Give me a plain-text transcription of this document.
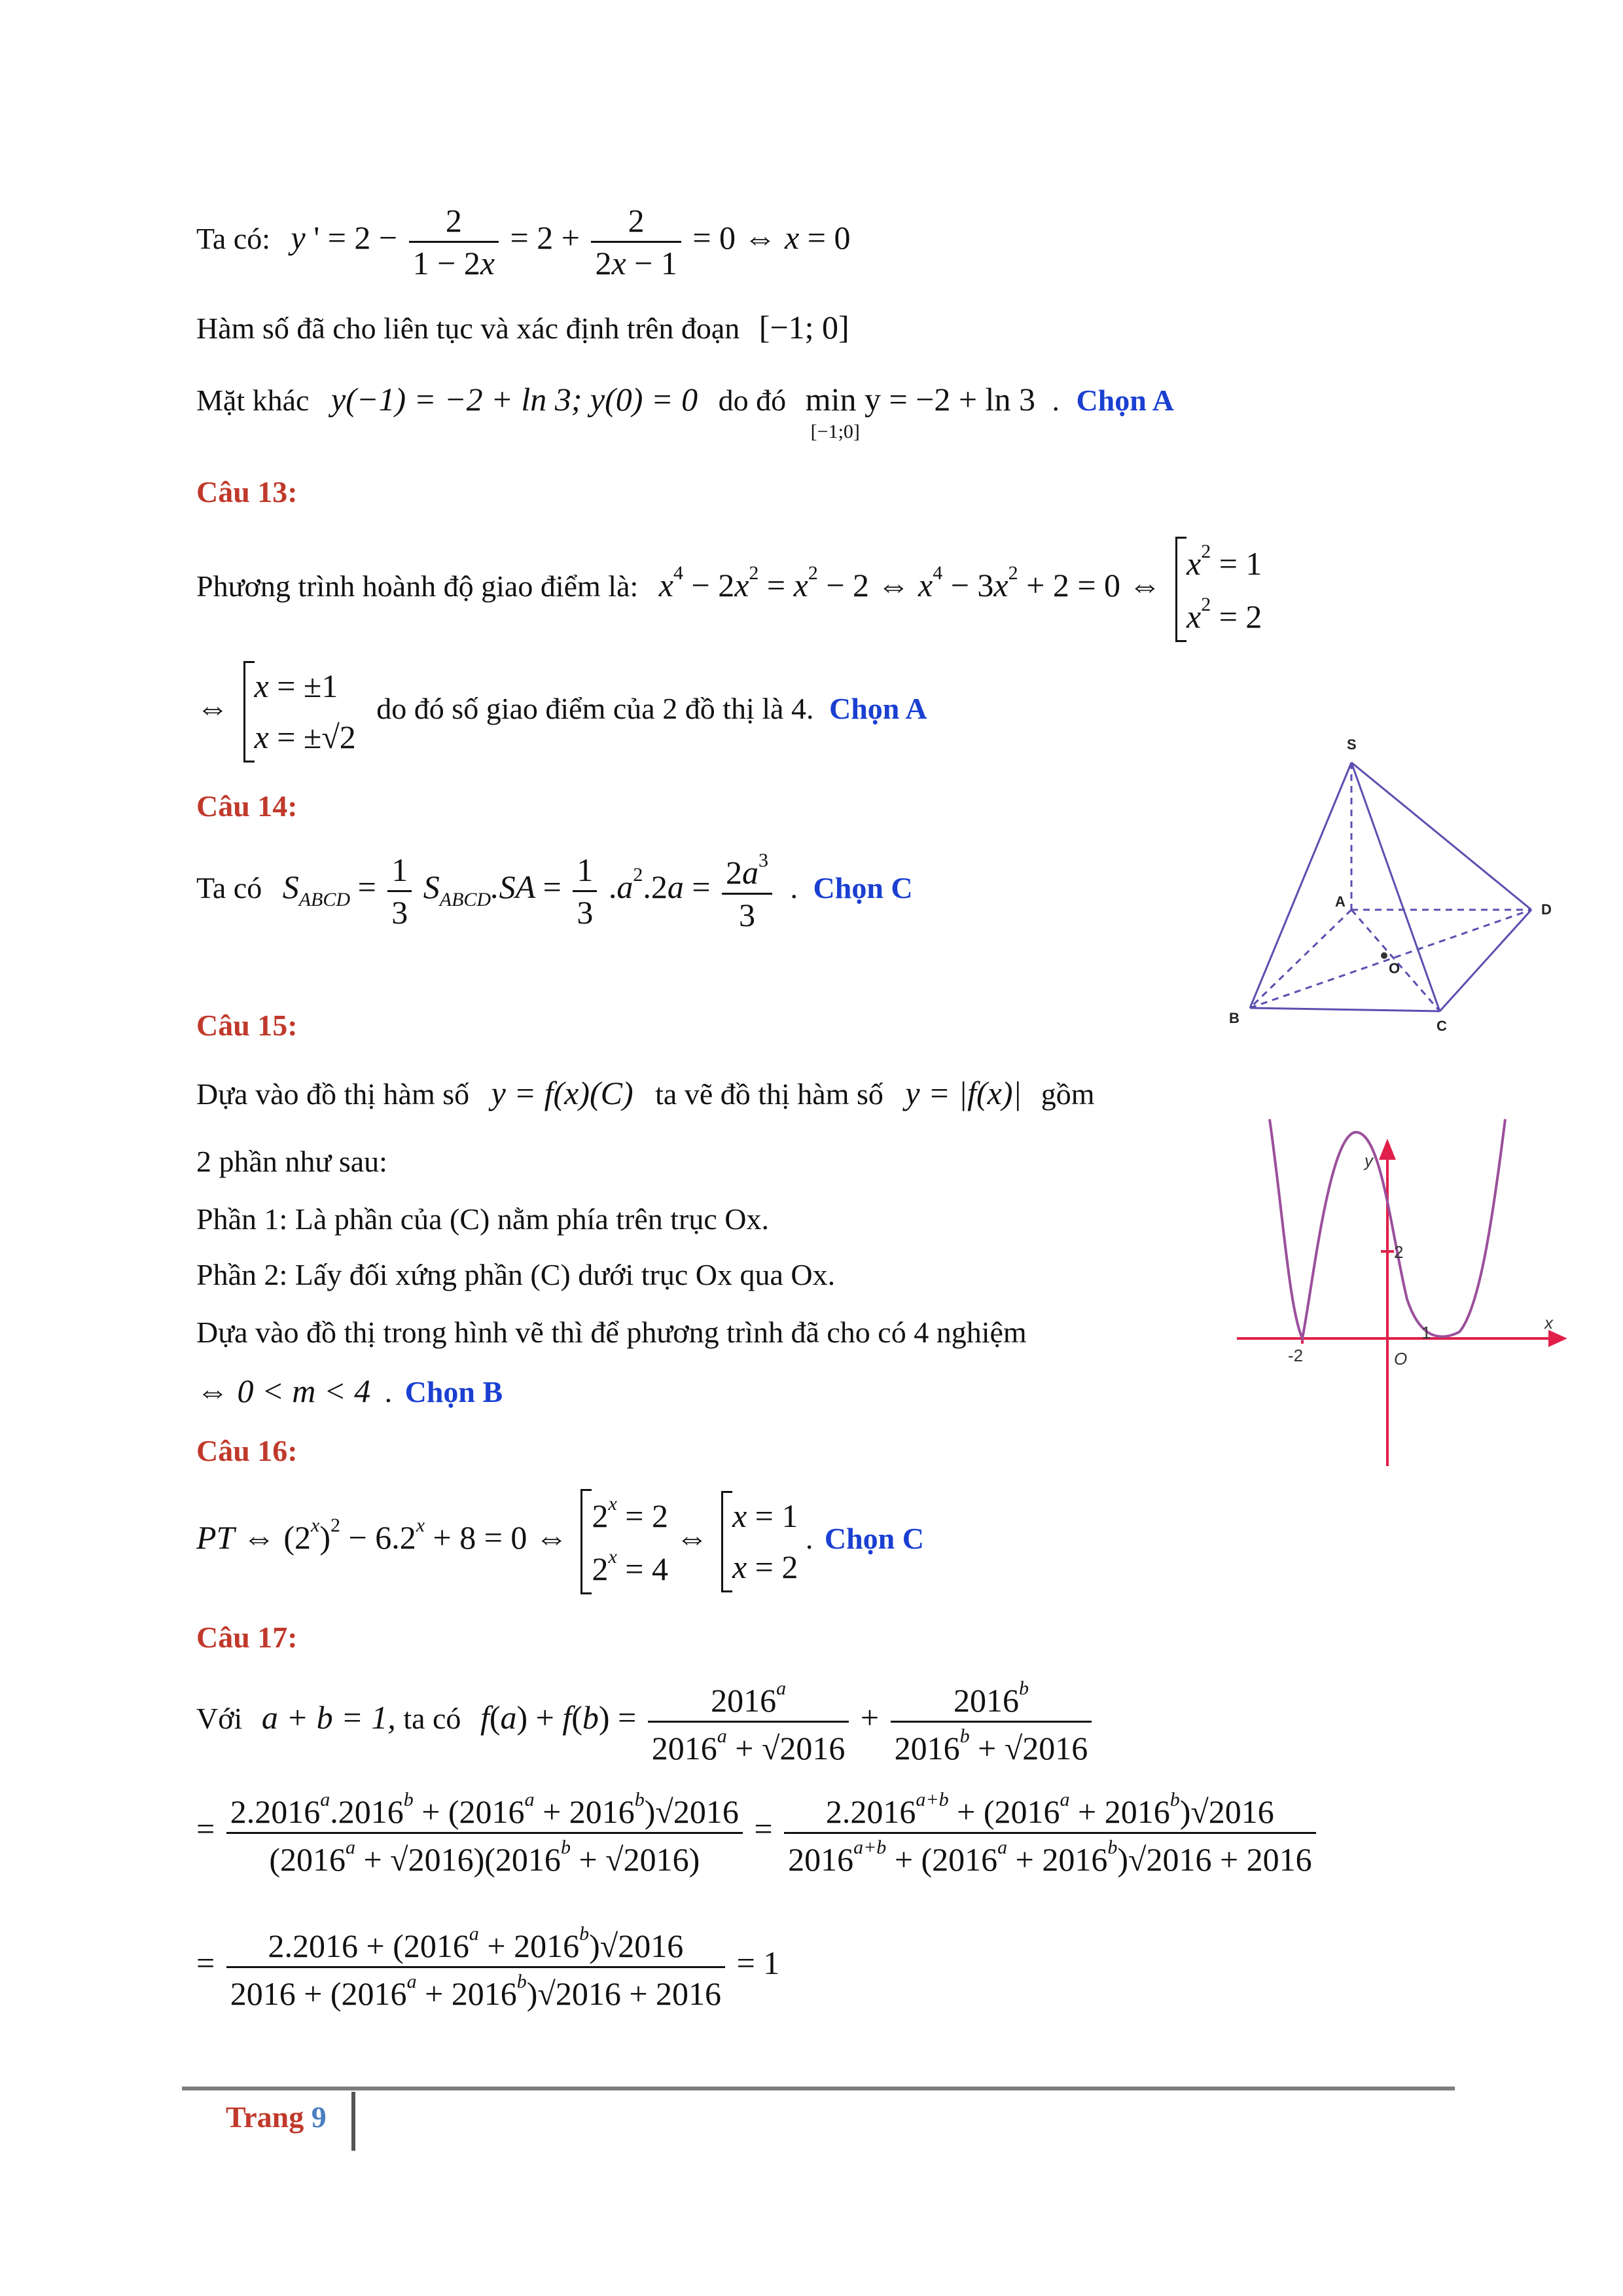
Ta có: y ' = $2 - \frac{2}{1 - 2x} = 2 + \frac{2}{2x - 1} = 0$ ⇔ x = 0
Hàm số đã cho liên tục và xác định trên đoạn [−1; 0]
Mặt khác y(−1) = −2 + ln 3; y(0) = 0 do đó min y = −2 + ln 3
[−1;0]
. Chọn A
Câu 13:
Phương trình hoành độ giao điểm là: $x^4 - 2x^2 = x^2 - 2$ ⇔ $x^4 - 3x^2 + 2 = 0$ ⇔
$x^2 = 1$
$x^2 = 2$
⇔
x = ±1
x = ±√2
do đó số giao điểm của 2 đồ thị là 4. Chọn A
Câu 14:
Ta có $S_{ABCD} = \frac{1}{3} S_{ABCD}.SA = \frac{1}{3} .a^2.2a = \frac{2a^3}{3}$ . Chọn C
S
A	D
O
B	C
Câu 15:
Dựa vào đồ thị hàm số y = f(x)(C) ta vẽ đồ thị hàm số y = |f(x)| gồm
2 phần như sau:
Phần 1: Là phần của (C) nằm phía trên trục Ox.
Phần 2: Lấy đối xứng phần (C) dưới trục Ox qua Ox.
Dựa vào đồ thị trong hình vẽ thì để phương trình đã cho có 4 nghiệm
⇔ 0 < m < 4 . Chọn B
y
x
2
-2	O
1
Câu 16:
PT ⇔ $(2^x)^2 - 6.2^x + 8 = 0$ ⇔
$2^x = 2$
$2^x = 4$
⇔
x = 1
x = 2
. Chọn C
Câu 17:
Với a + b = 1, ta có $f(a) + f(b) = \frac{2016^a}{2016^a + √2016} + \frac{2016^b}{2016^b + √2016}$
= $\frac{2.2016^a.2016^b + (2016^a + 2016^b)√2016}{(2016^a + √2016)(2016^b + √2016)} = \frac{2.2016^{a+b} + (2016^a + 2016^b)√2016}{2016^{a+b} + (2016^a + 2016^b)√2016 + 2016}$
= $\frac{2.2016 + (2016^a + 2016^b)√2016}{2016 + (2016^a + 2016^b)√2016 + 2016} = 1$
Trang 9
